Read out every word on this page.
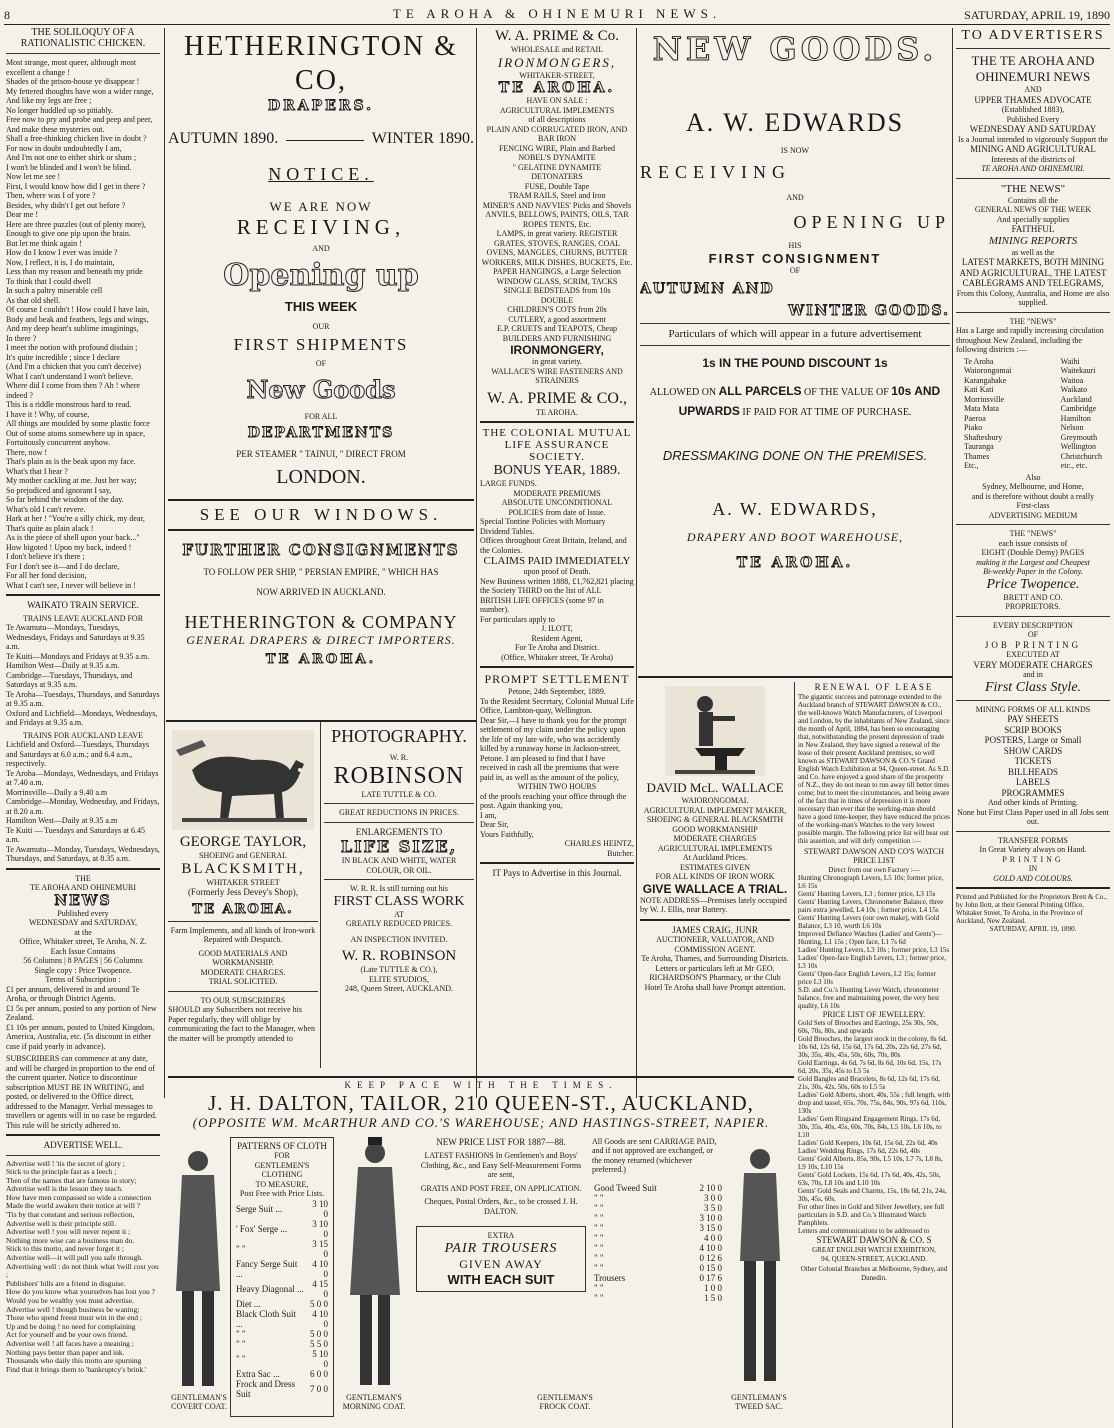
8	TE AROHA & OHINEMURI NEWS.	SATURDAY, APRIL 19, 1890
THE SOLILOQUY OF A RATIONALISTIC CHICKEN.

Most strange, most queer, although most excellent a change !

Shades of the prison-house ye disappear !

My fettered thoughts have won a wider range,

And like my legs are free ;

No longer huddled up so pitiably.

Free now to pry and probe and peep and peer,

And make these mysteries out.

Shall a free-thinking chicken live in doubt ?

For now in doubt undoubtedly I am,

And I'm not one to either shirk or sham ;

I won't be blinded and I won't be blind.

Now let me see !

First, I would know how did I get in there ?

Then, where was I of yore ?

Besides, why didn't I get out before ?

Dear me !

Here are three puzzles (out of plenty more),

Enough to give one pip upon the brain.

But let me think again !

How do I know I ever was inside ?

Now, I reflect, it is, I do maintain,

Less than my reason and beneath my pride

To think that I could dwell

In such a paltry miserable cell

As that old shell.

Of course I couldn't ! How could I have lain,

Body and beak and feathers, legs and wings,

And my deep heart's sublime imaginings,

In there ?

I meet the notion with profound disdain ;

It's quite incredible ; since I declare

(And I'm a chicken that you can't deceive)

What I can't understand I won't believe.

Where did I come from then ? Ah ! where indeed ?

This is a riddle monstrous hard to read.

I have it ! Why, of course,

All things are moulded by some plastic force

Out of some atoms somewhere up in space,

Fortuitously concurrent anyhow.

There, now !

That's plain as is the beak upon my face.

What's that I hear ?

My mother cackling at me. Just her way;

So prejudiced and ignorant I say,

So far behind the wisdom of the day.

What's old I can't revere.

Hark at her ! "You're a silly chick, my dear,

That's quite as plain alack !

As is the piece of shell upon your back..."

How bigoted ! Upon my back, indeed !

I don't believe it's there ;

For I don't see it—and I do declare,

For all her fond decision,

What I can't see, I never will believe in !

WAIKATO TRAIN SERVICE.
TRAINS LEAVE AUCKLAND FOR

Te Awamutu—Mondays, Tuesdays, Wednesdays, Fridays and Saturdays at 9.35 a.m.

Te Kuiti—Mondays and Fridays at 9.35 a.m.

Hamilton West—Daily at 9.35 a.m.

Cambridge—Tuesdays, Thursdays, and Saturdays at 9.35 a.m.

Te Aroha—Tuesdays, Thursdays, and Saturdays at 9.35 a.m.

Oxford and Lichfield—Mondays, Wednesdays, and Fridays at 9.35 a.m.

TRAINS FOR AUCKLAND LEAVE

Lichfield and Oxford—Tuesdays, Thursdays and Saturdays at 6.0 a.m.; and 6.4 a.m., respectively.

Te Aroha—Mondays, Wednesdays, and Fridays at 7.40 a.m.

Morrinsville—Daily a 9.40 a.m

Cambridge—Monday, Wednesday, and Fridays, at 8.20 a.m.

Hamilton West—Daily at 9.35 a.m

Te Kuiti — Tuesdays and Saturdays at 6.45 a.m.

Te Awamutu—Monday, Tuesdays, Wednesdays, Thursdays, and Saturdays, at 8.35 a.m.

THE
TE AROHA AND OHINEMURI
NEWS
Published every
WEDNESDAY and SATURDAY,
at the
Office, Whitaker street, Te Aroha, N. Z.
Each Issue Contains
56 Columns | 8 PAGES | 56 Columns
Single copy : Price Twopence.
Terms of Subscription :

£1 per annum, delivered in and around Te Aroha, or through District Agents.

£1 5s per annum, posted to any portion of New Zealand.

£1 10s per annum, posted to United Kingdom, America, Australia, etc. (5s discount in either case if paid yearly in advance).

SUBSCRIBERS can commence at any date, and will be charged in proportion to the end of the current quarter. Notice to discontinue subscription MUST BE IN WRITING, and posted, or delivered to the Office direct, addressed to the Manager. Verbal messages to travellers or agents will in no case be regarded. This rule will be strictly adhered to.
ADVERTISE WELL.

Advertise well ! 'tis the secret of glory ;

Stick to the principle fast as a leech ;

Then of the names that are famous in story;

Advertise well is the lesson they teach.

How have men compassed so wide a connection

Made the world awaken their notice at will ?

'Tis by that constant and serious reflection,

Advertise well is their principle still.

Advertise well ! you will never repent it ;

Nothing more wise can a business man do.

Stick to this motto, and never forget it ;

Advertise well—it will pull you safe through.

Advertising well : do not think what 'twill cost you ;

Publishers' bills are a friend in disguise.

How do you know what yourselves has lost you ?

Would you be wealthy you must advertise.

Advertise well ! though business be waning;

Those who spend freest must win in the end ;

Up and be doing ! no need for complaining

Act for yourself and be your own friend.

Advertise well ! all faces have a meaning ;

Nothing pays better than paper and ink.

Thousands who daily this motto are spurning

Find that it brings them to 'bankruptcy's brink.'

HETHERINGTON & CO,
DRAPERS.
AUTUMN 1890.	WINTER 1890.
NOTICE.
WE ARE NOW
RECEIVING,
AND
Opening up
THIS WEEK
OUR
FIRST SHIPMENTS
OF
New Goods
FOR ALL
DEPARTMENTS
PER STEAMER " TAINUI, " DIRECT FROM
LONDON.
SEE OUR WINDOWS.
FURTHER CONSIGNMENTS
TO FOLLOW PER SHIP, " PERSIAN EMPIRE, " WHICH HAS
NOW ARRIVED IN AUCKLAND.
HETHERINGTON & COMPANY
GENERAL DRAPERS & DIRECT IMPORTERS.
TE AROHA.
GEORGE TAYLOR,
SHOEING and GENERAL
BLACKSMITH,
WHITAKER STREET
(Formerly Jess Devey's Shop),
TE AROHA.
Farm Implements, and all kinds of Iron-work Repaired with Despatch.
GOOD MATERIALS AND WORKMANSHIP.
MODERATE CHARGES.
TRIAL SOLICITED.
TO OUR SUBSCRIBERS
SHOULD any Subscribers not receive his Paper regularly, they will oblige by communicating the fact to the Manager, when the matter will be promptly attended to
PHOTOGRAPHY.
W. R.
ROBINSON
LATE TUTTLE & CO.
GREAT REDUCTIONS IN PRICES.
ENLARGEMENTS TO
LIFE SIZE,
IN BLACK AND WHITE, WATER COLOUR, OR OIL.
W. R. R. Is still turning out his
FIRST CLASS WORK
AT
GREATLY REDUCED PRICES.
AN INSPECTION INVITED.
W. R. ROBINSON
(Late TUTTLE & CO.),
ELITE STUDIOS,
248, Queen Street, AUCKLAND.
W. A. PRIME & Co.
WHOLESALE and RETAIL
IRONMONGERS,
WHITAKER-STREET,
TE AROHA.
HAVE ON SALE :
AGRICULTURAL IMPLEMENTS

of all descriptions

PLAIN AND CORRUGATED IRON, AND BAR IRON

FENCING WIRE, Plain and Barbed

NOBEL'S DYNAMITE

" GELATINE DYNAMITE

DETONATERS

FUSE, Double Tape

TRAM RAILS, Steel and Iron

MINER'S AND NAVVIES' Picks and Shovels

ANVILS, BELLOWS, PAINTS, OILS, TAR ROPES TENTS, Etc.

LAMPS, in great variety. REGISTER GRATES, STOVES, RANGES, COAL OVENS, MANGLES, CHURNS, BUTTER WORKERS, MILK DISHES, BUCKETS, Etc.

PAPER HANGINGS, a Large Selection

WINDOW GLASS, SCRIM, TACKS

SINGLE BEDSTEADS from 10s

DOUBLE

CHILDREN'S COTS from 20s

CUTLERY, a good assortment

E.P. CRUETS and TEAPOTS, Cheap

BUILDERS AND FURNISHING

IRONMONGERY,
in great variety.
WALLACE'S WIRE FASTENERS AND STRAINERS
W. A. PRIME & CO.,
TE AROHA.
THE COLONIAL MUTUAL LIFE ASSURANCE SOCIETY.
BONUS YEAR, 1889.
LARGE FUNDS.
MODERATE PREMIUMS
ABSOLUTE UNCONDITIONAL
POLICIES from date of Issue.
Special Tontine Policies with Mortuary Dividend Tables.
Offices throughout Great Britain, Ireland, and the Colonies.
CLAIMS PAID IMMEDIATELY
upon proof of Death.
New Business written 1888, £1,762,821 placing the Society THIRD on the list of ALL BRITISH LIFE OFFICES (some 97 in number).
For particulars apply to
J. ILOTT,
Resident Agent,
For Te Aroha and District.
(Office, Whitaker street, Te Aroha)
PROMPT SETTLEMENT
Petone, 24th September, 1889.
To the Resident Secretary, Colonial Mutual Life Office, Lambton-quay, Wellington.
Dear Sir,—I have to thank you for the prompt settlement of my claim under the policy upon the life of my late wife, who was accidently killed by a runaway horse in Jackson-street, Petone. I am pleased to find that I have received in cash all the premiums that were paid in, as well as the amount of the policy,
WITHIN TWO HOURS
of the proofs reaching your office through the post. Again thanking you,
I am,
Dear Sir,
Yours Faithfully,
CHARLES HEINTZ,
Butcher.
IT Pays to Advertise in this Journal.
NEW GOODS.
A. W. EDWARDS
IS NOW
RECEIVING
AND
OPENING UP
HIS
FIRST CONSIGNMENT
OF
AUTUMN AND
WINTER GOODS.
Particulars of which will appear in a future advertisement
1s IN THE POUND DISCOUNT 1s
ALLOWED ON ALL PARCELS OF THE VALUE OF 10s AND
UPWARDS IF PAID FOR AT TIME OF PURCHASE.
DRESSMAKING DONE ON THE PREMISES.
A. W. EDWARDS,
DRAPERY AND BOOT WAREHOUSE,
TE AROHA.
DAVID McL. WALLACE
WAIORONGOMAI.
AGRICULTURAL IMPLEMENT MAKER,
SHOEING & GENERAL BLACKSMITH
GOOD WORKMANSHIP
MODERATE CHARGES
AGRICULTURAL IMPLEMENTS
At Auckland Prices.
ESTIMATES GIVEN
FOR ALL KINDS OF IRON WORK
GIVE WALLACE A TRIAL.
NOTE ADDRESS—Premises lately occupied by W. J. Ellis, near Battery.
JAMES CRAIG, JUNR
AUCTIONEER, VALUATOR, AND COMMISSION AGENT.
Te Aroha, Thames, and Surrounding Districts.
Letters or particulars left at Mr GEO. RICHARDSON'S Pharmacy, or the Club Hotel Te Aroha shall have Prompt attention.
RENEWAL OF LEASE
The gigantic success and patronage extended to the Auckland branch of STEWART DAWSON & CO., the well-known Watch Manufacturers, of Liverpool and London, by the inhabitants of New Zealand, since the month of April, 1884, has been so encouraging that, notwithstanding the present depression of trade in New Zealand, they have signed a renewal of the lease of their present Auckland premises, so well known as STEWART DAWSON & CO.'S Grand English Watch Exhibition at 94, Queen-street. As S.D. and Co. have enjoyed a good share of the prosperity of N.Z., they do not mean to run away till better times come; but to meet the circumstances, and being aware of the fact that in times of depression it is more necessary than ever that the working-man should have a good time-keeper, they have reduced the prices of the working-man's Watches to the very lowest possible margin. The following price list will bear out this assertion, and will defy competition :—
STEWART DAWSON AND CO'S WATCH PRICE LIST
Direct from our own Factory :—

Hunting Chronograph Levers, L5 10s; former price, L6 15s

Gents' Hunting Levers, L3 ; former price, L3 15s

Gents' Hunting Levers, Chronometer Balance, three pairs extra jewelled, L4 10s ; former price, L4 15s

Gents' Hunting Levers (our own make), with Gold Balance, L3 10, worth L6 10s

Improved Defiance Watches (Ladies' and Gents')—Hunting, L1 15s ; Open face, L1 7s 6d

Ladies' Hunting Levers, L3 10s ; former price, L3 15s

Ladies' Open-face English Levers, L3 ; former price, L3 10s

Gents' Open-face English Levers, L2 15s; former price L3 10s

S.D. and Co.'s Hunting Lever Watch, chronometer balance, free and maintaining power, the very best quality, L6 10s

PRICE LIST OF JEWELLERY.

Gold Sets of Brooches and Earrings, 25s 30s, 50s, 60s, 70s, 80s, and upwards

Gold Brooches, the largest stock in the colony, 8s 6d, 10s 6d, 12s 6d, 15s 6d, 17s 6d, 20s, 22s 6d, 27s 6d, 30s, 35s, 40s, 45s, 50s, 60s, 70s, 80s

Gold Earrings, 4s 6d, 7s 6d, 8s 6d, 10s 6d, 15s, 17s 6d, 20s, 35s, 45s to L5 5s

Gold Bangles and Bracelets, 8s 6d, 12s 6d, 17s 6d, 21s, 30s, 42s, 50s, 60s to L5 5s

Ladies' Gold Alberts, short, 40s, 55s ; full length, with drop and tassel, 65s, 70s, 75s, 84s, 90s, 97s 6d, 110s, 130s

Ladies' Gem Ringsand Engagement Rings, 17s 6d, 30s, 35s, 40s, 45s, 60s, 70s, 84s, L5 10s, L6 10s, to L10

Ladies' Gold Keepers, 10s 6d, 15s 6d, 22s 6d, 40s

Ladies' Wedding Rings, 17s 6d, 22s 6d, 40s

Gents' Gold Alberts, 85s, 90s, L5 10s, L7 7s, L8 8s, L9 10s, L10 15s

Gents' Gold Lockets, 15s 6d, 17s 6d, 40s, 42s, 50s, 63s, 70s, L8 10s and L10 10s

Gents' Gold Seals and Charms, 15s, 18s 6d, 21s, 24s, 30s, 45s, 60s.

For other lines in Gold and Silver Jewellery, see full particulars in S.D. and Co.'s Illustrated Watch Pamphlets.

Letters and communications to be addressed to

STEWART DAWSON & CO. S
GREAT ENGLISH WATCH EXHIBITION,
94, QUEEN-STREET, AUCKLAND.
Other Colonial Branches at Melbourne, Sydney, and Dunedin.
TO ADVERTISERS
THE TE AROHA AND OHINEMURI NEWS
AND
UPPER THAMES ADVOCATE
(Established 1883),
Published Every
WEDNESDAY AND SATURDAY
Is a Journal intended to vigorously Support the
MINING AND AGRICULTURAL
Interests of the districts of
TE AROHA AND OHINEMURI.
"THE NEWS"
Contains all the
GENERAL NEWS OF THE WEEK
And specially supplies
FAITHFUL
MINING REPORTS
as well as the
LATEST MARKETS, BOTH MINING AND AGRICULTURAL, THE LATEST CABLEGRAMS AND TELEGRAMS,
From this Colony, Australia, and Home are also supplied.
THE "NEWS"
Has a Large and rapidly increasing circulation throughout New Zealand, including the following districts :—
Te Aroha
Waiorongomai
Karangahake
Kati Kati
Morrinsville
Mata Mata
Paeroa
Piako
Shaftesbury
Tauranga
Thames
Etc.,
Waihi
Waitekauri
Waitoa
Waikato
Auckland
Cambridge
Hamilton
Nelson
Greymouth
Wellington
Christchurch
etc., etc.
Also
Sydney, Melbourne, and Home,
and is therefore without doubt a really
First-class
ADVERTISING MEDIUM
THE "NEWS"
each issue consists of
EIGHT (Double Demy) PAGES
making it the Largest and Cheapest
Bi-weekly Paper in the Colony.
Price Twopence.
BRETT AND CO.
PROPRIETORS.
EVERY DESCRIPTION
OF
JOB PRINTING
EXECUTED AT
VERY MODERATE CHARGES
and in
First Class Style.
MINING FORMS OF ALL KINDS
PAY SHEETS
SCRIP BOOKS
POSTERS, Large or Small
SHOW CARDS
TICKETS
BILLHEADS
LABELS
PROGRAMMES
And other kinds of Printing.
None but First Class Paper used in all Jobs sent out.
TRANSFER FORMS
In Great Variety always on Hand.
PRINTING
IN
GOLD AND COLOURS.
Printed and Published for the Proprietors Brett & Co., by John Ilott, at their General Printing Office, Whitaker Street, Te Aroha, in the Province of Auckland, New Zealand.
SATURDAY, APRIL 19, 1890.
KEEP PACE WITH THE TIMES.
J. H. DALTON, TAILOR, 210 QUEEN-ST., AUCKLAND,
(OPPOSITE WM. McARTHUR AND CO.'S WAREHOUSE; AND HASTINGS-STREET, NAPIER.
GENTLEMAN'S COVERT COAT.
PATTERNS OF CLOTH
FOR
GENTLEMEN'S CLOTHING
TO MEASURE,
Post Free with Price Lists.
Serge Suit ...	3 10 0
' Fox' Serge ...	3 10 0
" "	3 15 0
Fancy Serge Suit ...	4 10 0
Heavy Diagonal ...	4 15 0
Diet ...	5 0 0
Black Cloth Suit ...	4 10 0
" "	5 0 0
" "	5 5 0
" "	5 10 0
Extra Sac ...	6 0 0
Frock and Dress Suit	7 0 0
GENTLEMAN'S MORNING COAT.
NEW PRICE LIST FOR 1887—88.
LATEST FASHIONS In Gentlemen's and Boys' Clothing, &c., and Easy Self-Measurement Forms are sent,
GRATIS AND POST FREE, ON APPLICATION.
Cheques, Postal Orders, &c., to be crossed J. H. DALTON.
EXTRA
PAIR TROUSERS
GIVEN AWAY
WITH EACH SUIT
All Goods are sent CARRIAGE PAID, and if not approved are exchanged, or the money returned (whichever preferred.)
Good Tweed Suit	2 10 0
" "	3 0 0
" "	3 5 0
" "	3 10 0
" "	3 15 0
" "	4 0 0
" "	4 10 0
" "	0 12 6
" "	0 15 0
Trousers	0 17 6
" "	1 0 0
" "	1 5 0
GENTLEMAN'S FROCK COAT.
GENTLEMAN'S TWEED SAC.
